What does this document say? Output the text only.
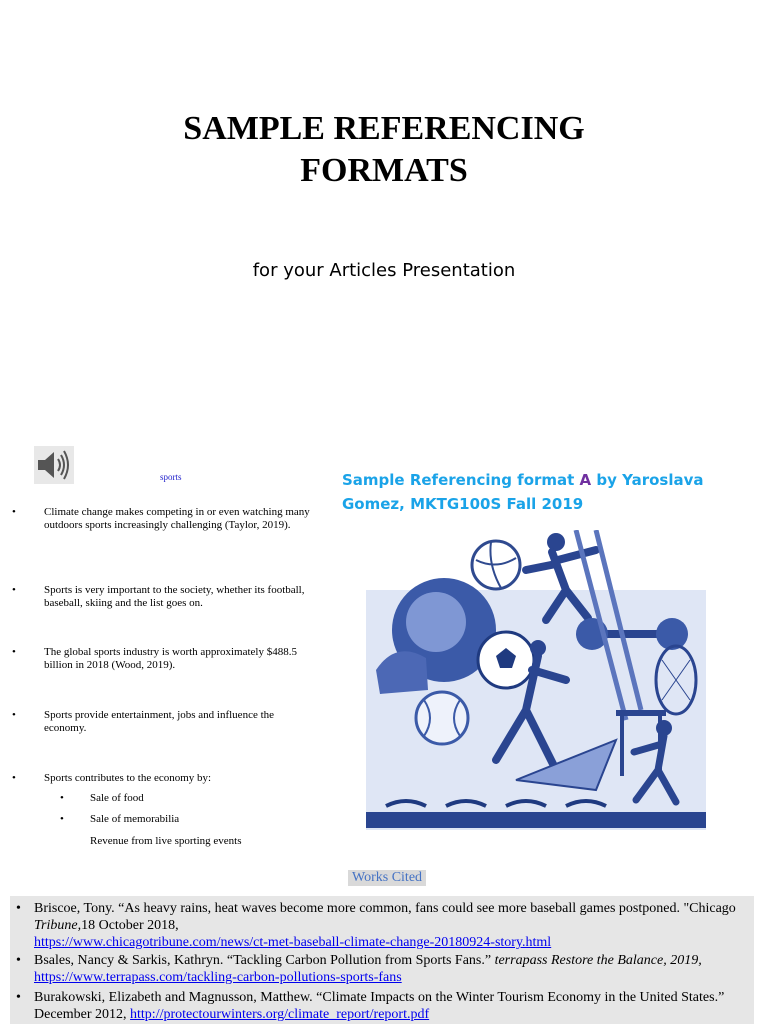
SAMPLE REFERENCING
FORMATS
for your Articles Presentation
sports
•	Climate change makes competing in or even watching many outdoors sports increasingly challenging (Taylor, 2019).
•	Sports is very important to the society, whether its football, baseball, skiing and the list goes on.
•	The global sports industry is worth approximately $488.5 billion in 2018 (Wood, 2019).
•	Sports provide entertainment, jobs and influence the economy.
•	Sports contributes to the economy by:
• Sale of food
• Sale of memorabilia
Revenue from live sporting events
Sample Referencing format A by Yaroslava Gomez, MKTG100S Fall 2019
Works Cited
• Briscoe, Tony. “As heavy rains, heat waves become more common, fans could see more baseball games postponed. "Chicago Tribune,18 October 2018,
https://www.chicagotribune.com/news/ct-met-baseball-climate-change-20180924-story.html
• Bsales, Nancy & Sarkis, Kathryn. “Tackling Carbon Pollution from Sports Fans.” terrapass Restore the Balance, 2019,
https://www.terrapass.com/tackling-carbon-pollutions-sports-fans
• Burakowski, Elizabeth and Magnusson, Matthew. “Climate Impacts on the Winter Tourism Economy in the United States.” December 2012, http://protectourwinters.org/climate_report/report.pdf
